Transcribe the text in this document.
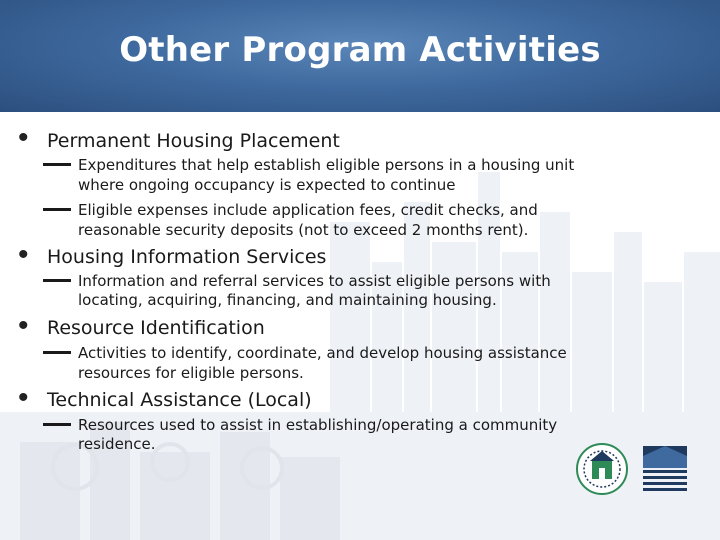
Other Program Activities
• Permanent Housing Placement
Expenditures that help establish eligible persons in a housing unit
where ongoing occupancy is expected to continue
Eligible expenses include application fees, credit checks, and
reasonable security deposits (not to exceed 2 months rent).
• Housing Information Services
Information and referral services to assist eligible persons with
locating, acquiring, financing, and maintaining housing.
• Resource Identification
Activities to identify, coordinate, and develop housing assistance
resources for eligible persons.
• Technical Assistance (Local)
Resources used to assist in establishing/operating a community
residence.
